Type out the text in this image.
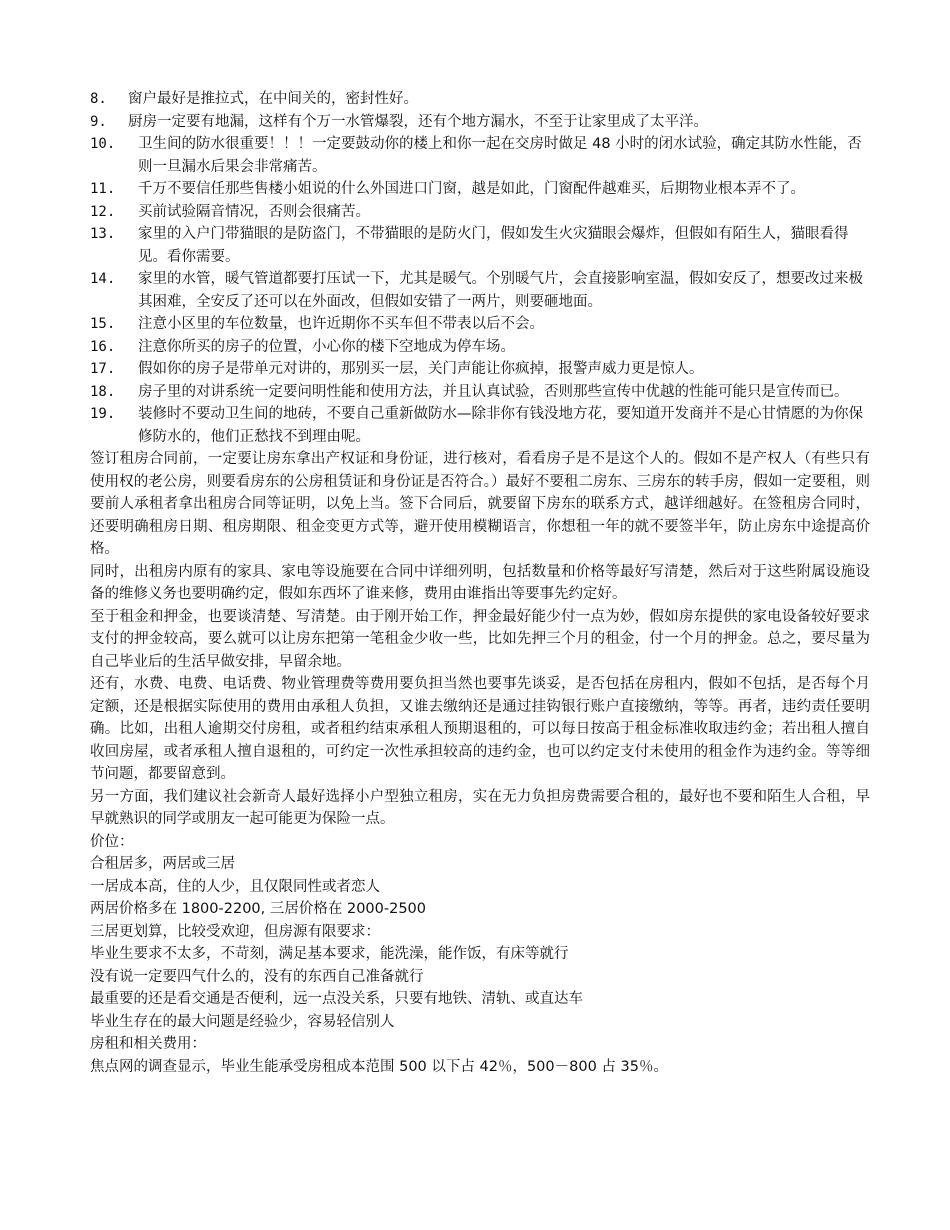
8. 窗户最好是推拉式，在中间关的，密封性好。
9. 厨房一定要有地漏，这样有个万一水管爆裂，还有个地方漏水，不至于让家里成了太平洋。
10. 卫生间的防水很重要！！！一定要鼓动你的楼上和你一起在交房时做足 48 小时的闭水试验，确定其防水性能，否则一旦漏水后果会非常痛苦。
11. 千万不要信任那些售楼小姐说的什么外国进口门窗，越是如此，门窗配件越难买，后期物业根本弄不了。
12. 买前试验隔音情况，否则会很痛苦。
13. 家里的入户门带猫眼的是防盗门，不带猫眼的是防火门，假如发生火灾猫眼会爆炸，但假如有陌生人，猫眼看得见。看你需要。
14. 家里的水管，暖气管道都要打压试一下，尤其是暖气。个别暖气片，会直接影响室温，假如安反了，想要改过来极其困难，全安反了还可以在外面改，但假如安错了一两片，则要砸地面。
15. 注意小区里的车位数量，也许近期你不买车但不带表以后不会。
16. 注意你所买的房子的位置，小心你的楼下空地成为停车场。
17. 假如你的房子是带单元对讲的，那别买一层，关门声能让你疯掉，报警声威力更是惊人。
18. 房子里的对讲系统一定要问明性能和使用方法，并且认真试验，否则那些宣传中优越的性能可能只是宣传而已。
19. 装修时不要动卫生间的地砖，不要自己重新做防水—除非你有钱没地方花，要知道开发商并不是心甘情愿的为你保修防水的，他们正愁找不到理由呢。

签订租房合同前，一定要让房东拿出产权证和身份证，进行核对，看看房子是不是这个人的。假如不是产权人（有些只有使用权的老公房，则要看房东的公房租赁证和身份证是否符合。）最好不要租二房东、三房东的转手房，假如一定要租，则要前人承租者拿出租房合同等证明，以免上当。签下合同后，就要留下房东的联系方式，越详细越好。在签租房合同时，还要明确租房日期、租房期限、租金变更方式等，避开使用模糊语言，你想租一年的就不要签半年，防止房东中途提高价格。

同时，出租房内原有的家具、家电等设施要在合同中详细列明，包括数量和价格等最好写清楚，然后对于这些附属设施设备的维修义务也要明确约定，假如东西坏了谁来修，费用由谁指出等要事先约定好。

至于租金和押金，也要谈清楚、写清楚。由于刚开始工作，押金最好能少付一点为妙，假如房东提供的家电设备较好要求支付的押金较高，要么就可以让房东把第一笔租金少收一些，比如先押三个月的租金，付一个月的押金。总之，要尽量为自己毕业后的生活早做安排，早留余地。

还有，水费、电费、电话费、物业管理费等费用要负担当然也要事先谈妥，是否包括在房租内，假如不包括，是否每个月定额，还是根据实际使用的费用由承租人负担，又谁去缴纳还是通过挂钩银行账户直接缴纳，等等。再者，违约责任要明确。比如，出租人逾期交付房租，或者租约结束承租人预期退租的，可以每日按高于租金标准收取违约金；若出租人擅自收回房屋，或者承租人擅自退租的，可约定一次性承担较高的违约金，也可以约定支付未使用的租金作为违约金。等等细节问题，都要留意到。

另一方面，我们建议社会新奇人最好选择小户型独立租房，实在无力负担房费需要合租的，最好也不要和陌生人合租，早早就熟识的同学或朋友一起可能更为保险一点。

价位：

合租居多，两居或三居

一居成本高，住的人少，且仅限同性或者恋人

两居价格多在 1800-2200, 三居价格在 2000-2500

三居更划算，比较受欢迎，但房源有限要求：

毕业生要求不太多，不苛刻，满足基本要求，能洗澡，能作饭，有床等就行

没有说一定要四气什么的，没有的东西自己准备就行

最重要的还是看交通是否便利，远一点没关系，只要有地铁、清轨、或直达车

毕业生存在的最大问题是经验少，容易轻信别人

房租和相关费用：

焦点网的调查显示，毕业生能承受房租成本范围 500 以下占 42％，500－800 占 35％。
